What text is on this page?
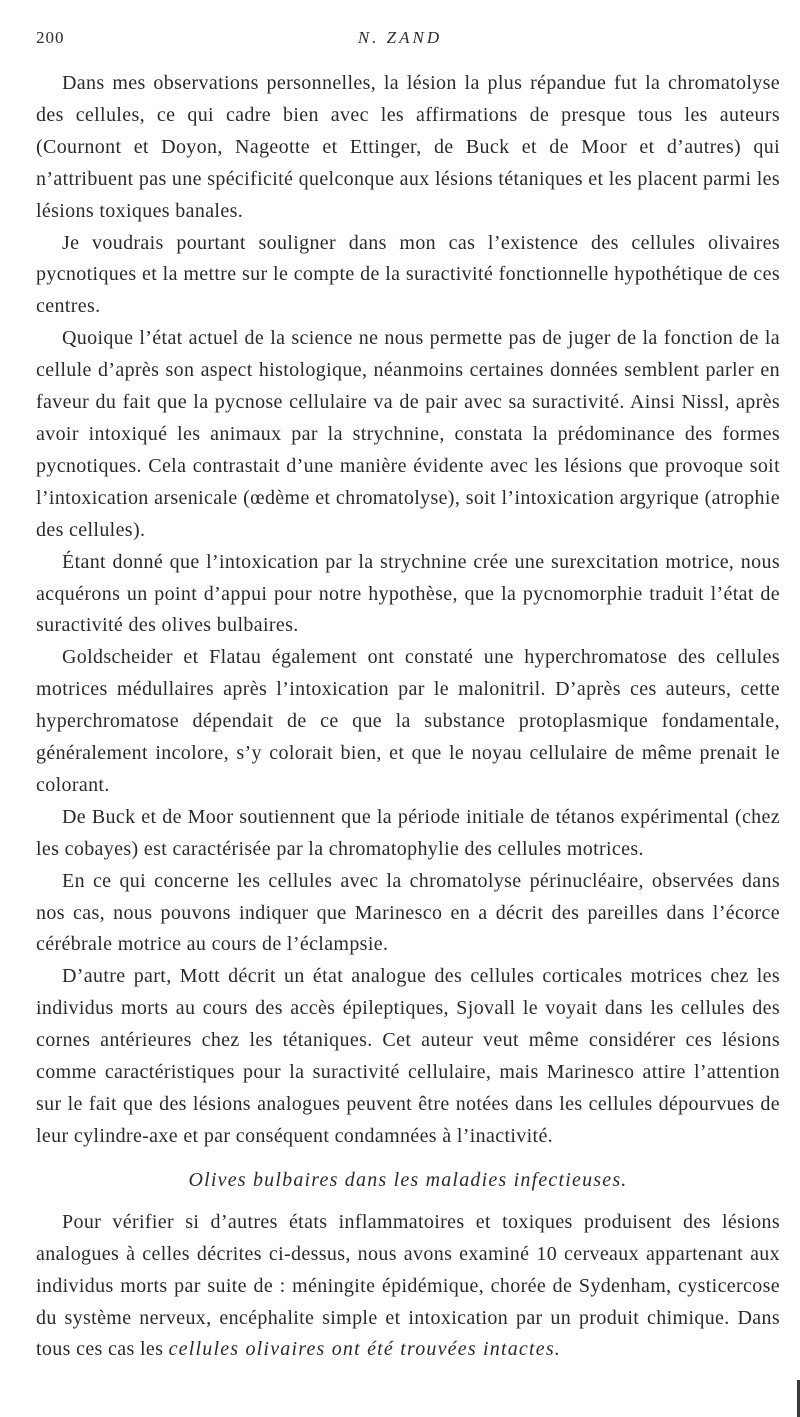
200	N. ZAND

Dans mes observations personnelles, la lésion la plus répandue fut la chromatolyse des cellules, ce qui cadre bien avec les affirmations de presque tous les auteurs (Cournont et Doyon, Nageotte et Ettinger, de Buck et de Moor et d’autres) qui n’attribuent pas une spécificité quelconque aux lésions tétaniques et les placent parmi les lésions toxiques banales.

Je voudrais pourtant souligner dans mon cas l’existence des cellules olivaires pycnotiques et la mettre sur le compte de la suractivité fonctionnelle hypothétique de ces centres.

Quoique l’état actuel de la science ne nous permette pas de juger de la fonction de la cellule d’après son aspect histologique, néanmoins certaines données semblent parler en faveur du fait que la pycnose cellulaire va de pair avec sa suractivité. Ainsi Nissl, après avoir intoxiqué les animaux par la strychnine, constata la prédominance des formes pycnotiques. Cela contrastait d’une manière évidente avec les lésions que provoque soit l’intoxication arsenicale (œdème et chromatolyse), soit l’intoxication argyrique (atrophie des cellules).

Étant donné que l’intoxication par la strychnine crée une surexcitation motrice, nous acquérons un point d’appui pour notre hypothèse, que la pycnomorphie traduit l’état de suractivité des olives bulbaires.

Goldscheider et Flatau également ont constaté une hyperchromatose des cellules motrices médullaires après l’intoxication par le malonitril. D’après ces auteurs, cette hyperchromatose dépendait de ce que la substance protoplasmique fondamentale, généralement incolore, s’y colorait bien, et que le noyau cellulaire de même prenait le colorant.

De Buck et de Moor soutiennent que la période initiale de tétanos expérimental (chez les cobayes) est caractérisée par la chromatophylie des cellules motrices.

En ce qui concerne les cellules avec la chromatolyse périnucléaire, observées dans nos cas, nous pouvons indiquer que Marinesco en a décrit des pareilles dans l’écorce cérébrale motrice au cours de l’éclampsie.

D’autre part, Mott décrit un état analogue des cellules corticales motrices chez les individus morts au cours des accès épileptiques, Sjovall le voyait dans les cellules des cornes antérieures chez les tétaniques. Cet auteur veut même considérer ces lésions comme caractéristiques pour la suractivité cellulaire, mais Marinesco attire l’attention sur le fait que des lésions analogues peuvent être notées dans les cellules dépourvues de leur cylindre-axe et par conséquent condamnées à l’inactivité.

Olives bulbaires dans les maladies infectieuses.

Pour vérifier si d’autres états inflammatoires et toxiques produisent des lésions analogues à celles décrites ci-dessus, nous avons examiné 10 cerveaux appartenant aux individus morts par suite de : méningite épidémique, chorée de Sydenham, cysticercose du système nerveux, encéphalite simple et intoxication par un produit chimique. Dans tous ces cas les cellules olivaires ont été trouvées intactes.
